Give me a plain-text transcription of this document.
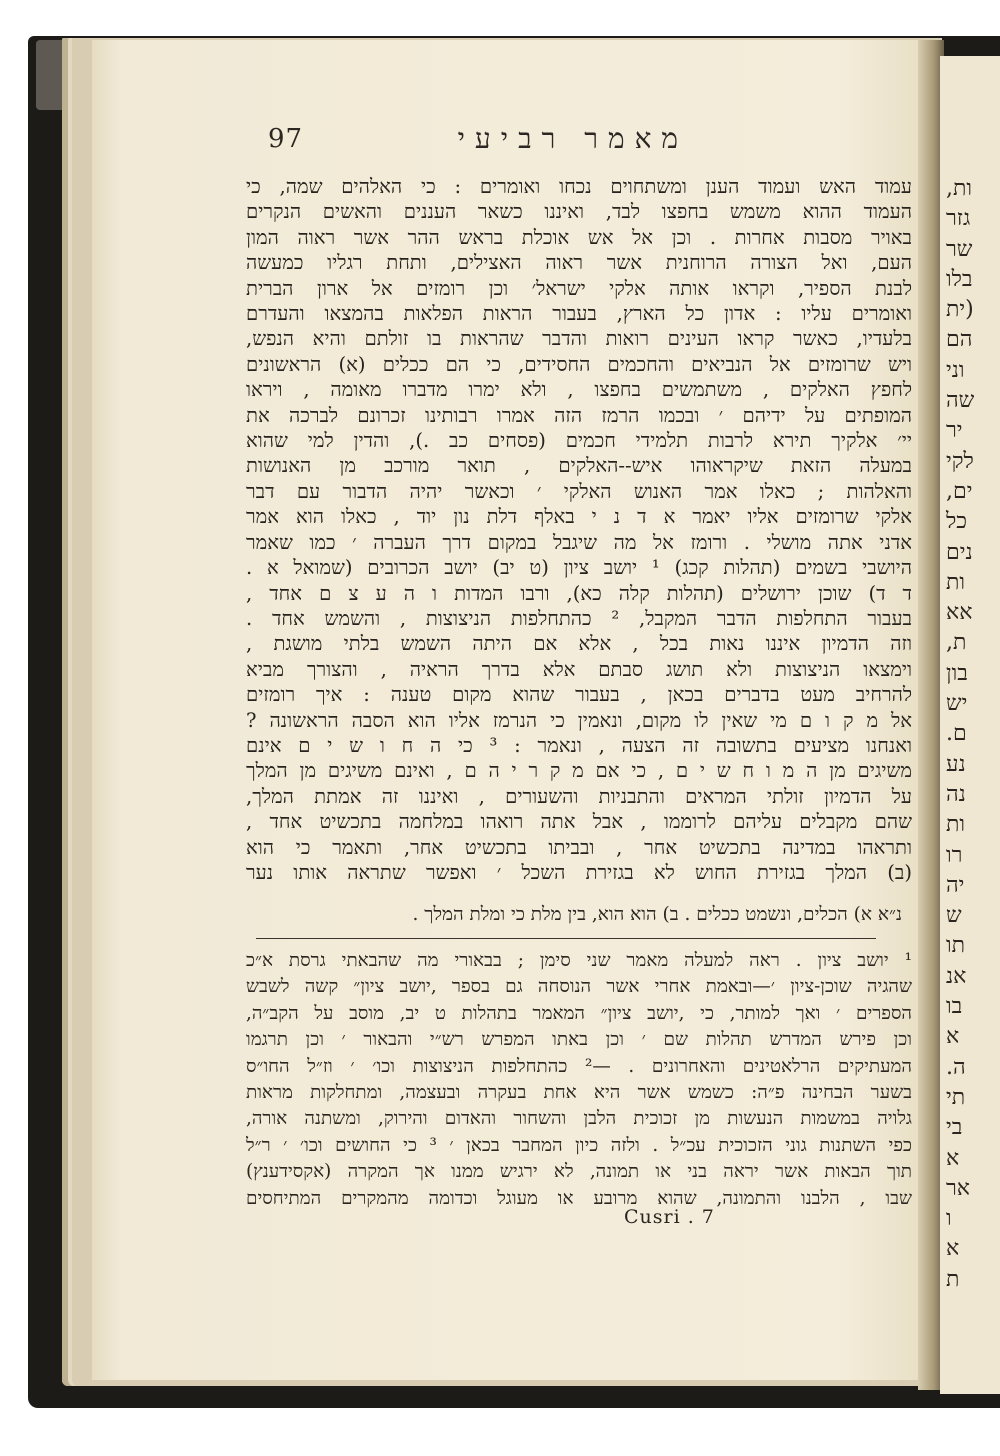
ות,
גזר
שר
בלו
(ית
הם
וני
שה
יר
לקי
ים,
כל
נים
ות
אא
ת,
בון
יש
ם.
נע
נה
ות
רו
יה
ש
תו
אנ
בו
א
ה.
תי
בי
א
אר
ו
א
ת
97	מאמר רביעי
עמוד האש ועמוד הענן ומשתחוים נכחו ואומרים : כי האלהים שמה, כי
העמוד ההוא משמש בחפצו לבד, ואיננו כשאר העננים והאשים הנקרים
באויר מסבות אחרות . וכן אל אש אוכלת בראש ההר אשר ראוה המון
העם, ואל הצורה הרוחנית אשר ראוה האצילים, ותחת רגליו כמעשה
לבנת הספיר, וקראו אותה אלקי ישראל׳ וכן רומזים אל ארון הברית
ואומרים עליו : אדון כל הארץ, בעבור הראות הפלאות בהמצאו והעדרם
בלעדיו, כאשר קראו העינים רואות והדבר שהראות בו זולתם והיא הנפש,
ויש שרומזים אל הנביאים והחכמים החסידים, כי הם ככלים (א) הראשונים
לחפץ האלקים , משתמשים בחפצו , ולא ימרו מדברו מאומה , ויראו
המופתים על ידיהם ׳ ובכמו הרמז הזה אמרו רבותינו זכרונם לברכה את
יי׳ אלקיך תירא לרבות תלמידי חכמים (פסחים כב .), והדין למי שהוא
במעלה הזאת שיקראוהו איש--האלקים , תואר מורכב מן האנושות
והאלהות ; כאלו אמר האנוש האלקי ׳ וכאשר יהיה הדבור עם דבר
אלקי שרומזים אליו יאמר א ד נ י באלף דלת נון יוד , כאלו הוא אמר
אדני אתה מושלי . ורומז אל מה שיגבל במקום דרך העברה ׳ כמו שאמר
היושבי בשמים (תהלות קכג) ¹ יושב ציון (ט יב) יושב הכרובים (שמואל א .
ד ד) שוכן ירושלים (תהלות קלה כא), ורבו המדות ו ה ע צ ם אחד ,
בעבור התחלפות הדבר המקבל, ² כהתחלפות הניצוצות , והשמש אחד .
וזה הדמיון איננו נאות בכל , אלא אם היתה השמש בלתי מושגת ,
וימצאו הניצוצות ולא תושג סבתם אלא בדרך הראיה , והצורך מביא
להרחיב מעט בדברים בכאן , בעבור שהוא מקום טענה : איך רומזים
אל מ ק ו ם מי שאין לו מקום, ונאמין כי הנרמז אליו הוא הסבה הראשונה ?
ואנחנו מציעים בתשובה זה הצעה , ונאמר : ³ כי ה ח ו ש י ם אינם
משיגים מן ה מ ו ח ש י ם , כי אם מ ק ר י ה ם , ואינם משיגים מן המלך
על הדמיון זולתי המראים והתבניות והשעורים , ואיננו זה אמתת המלך,
שהם מקבלים עליהם לרוממו , אבל אתה רואהו במלחמה בתכשיט אחד ,
ותראהו במדינה בתכשיט אחר , ובביתו בתכשיט אחר, ותאמר כי הוא
(ב) המלך בגזירת החוש לא בגזירת השכל ׳ ואפשר שתראה אותו נער
נ״א א) הכלים, ונשמט ככלים . ב) הוא הוא, בין מלת כי ומלת המלך .
¹ יושב ציון . ראה למעלה מאמר שני סימן ; בבאורי מה שהבאתי גרסת א״כ
שהגיה שוכן-ציון ׳—ובאמת אחרי אשר הנוסחה גם בספר ,יושב ציון״ קשה לשבש
הספרים ׳ ואך למותר, כי ,יושב ציון״ המאמר בתהלות ט יב, מוסב על הקב״ה,
וכן פירש המדרש תהלות שם ׳ וכן באתו המפרש רש״י והבאור ׳ וכן תרגמו
המעתיקים הרלאטינים והאחרונים . —² כהתחלפות הניצוצות וכו׳ ׳ וז״ל החו״ס
בשער הבחינה פ״ה: כשמש אשר היא אחת בעקרה ובעצמה, ומתחלקות מראות
גלויה במשמות הנעשות מן זכוכית הלבן והשחור והאדום והירוק, ומשתנה אורה,
כפי השתנות גוני הזכוכית עכ״ל . ולזה כיון המחבר בכאן ׳ ³ כי החושים וכו׳ ׳ ר״ל
תוך הבאות אשר יראה בני או תמונה, לא ירגיש ממנו אך המקרה (אקסידענץ)
שבו , הלבנו והתמונה, שהוא מרובע או מעוגל וכדומה מהמקרים המתיחסים
Cusri . 7
